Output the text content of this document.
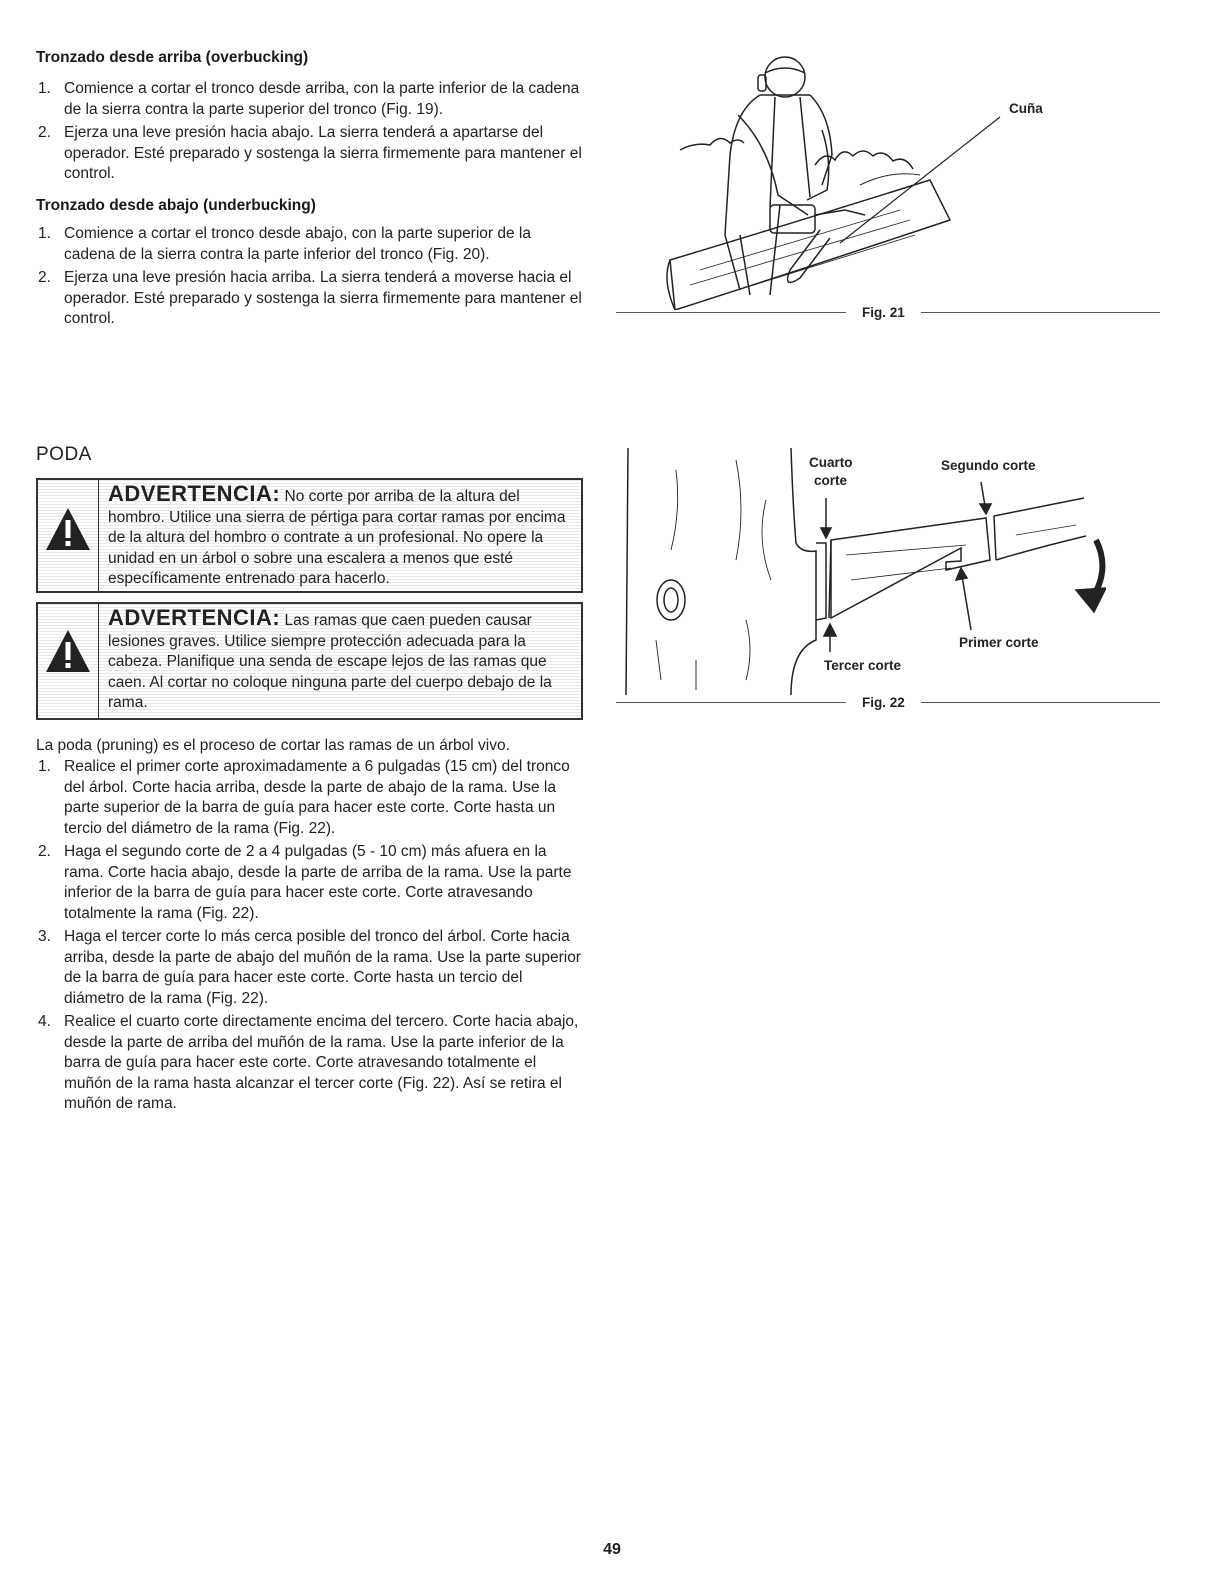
Tronzado desde arriba (overbucking)
1. Comience a cortar el tronco desde arriba, con la parte inferior de la cadena de la sierra contra la parte superior del tronco (Fig. 19).
2. Ejerza una leve presión hacia abajo. La sierra tenderá a apartarse del operador. Esté preparado y sostenga la sierra firmemente para mantener el control.
Tronzado desde abajo (underbucking)
1. Comience a cortar el tronco desde abajo, con la parte superior de la cadena de la sierra contra la parte inferior del tronco (Fig. 20).
2. Ejerza una leve presión hacia arriba. La sierra tenderá a moverse hacia el operador. Esté preparado y sostenga la sierra firmemente para mantener el control.
Cuña
Fig. 21
PODA
ADVERTENCIA: No corte por arriba de la altura del hombro. Utilice una sierra de pértiga para cortar ramas por encima de la altura del hombro o contrate a un profesional. No opere la unidad en un árbol o sobre una escalera a menos que esté específicamente entrenado para hacerlo.
ADVERTENCIA: Las ramas que caen pueden causar lesiones graves. Utilice siempre protección adecuada para la cabeza. Planifique una senda de escape lejos de las ramas que caen. Al cortar no coloque ninguna parte del cuerpo debajo de la rama.

La poda (pruning) es el proceso de cortar las ramas de un árbol vivo.

1. Realice el primer corte aproximadamente a 6 pulgadas (15 cm) del tronco del árbol. Corte hacia arriba, desde la parte de abajo de la rama. Use la parte superior de la barra de guía para hacer este corte. Corte hasta un tercio del diámetro de la rama (Fig. 22).
2. Haga el segundo corte de 2 a 4 pulgadas (5 - 10 cm) más afuera en la rama. Corte hacia abajo, desde la parte de arriba de la rama. Use la parte inferior de la barra de guía para hacer este corte. Corte atravesando totalmente la rama (Fig. 22).
3. Haga el tercer corte lo más cerca posible del tronco del árbol. Corte hacia arriba, desde la parte de abajo del muñón de la rama. Use la parte superior de la barra de guía para hacer este corte. Corte hasta un tercio del diámetro de la rama (Fig. 22).
4. Realice el cuarto corte directamente encima del tercero. Corte hacia abajo, desde la parte de arriba del muñón de la rama. Use la parte inferior de la barra de guía para hacer este corte. Corte atravesando totalmente el muñón de la rama hasta alcanzar el tercer corte (Fig. 22). Así se retira el muñón de rama.
Cuarto
corte
Segundo corte
Primer corte
Tercer corte
Fig. 22
49
